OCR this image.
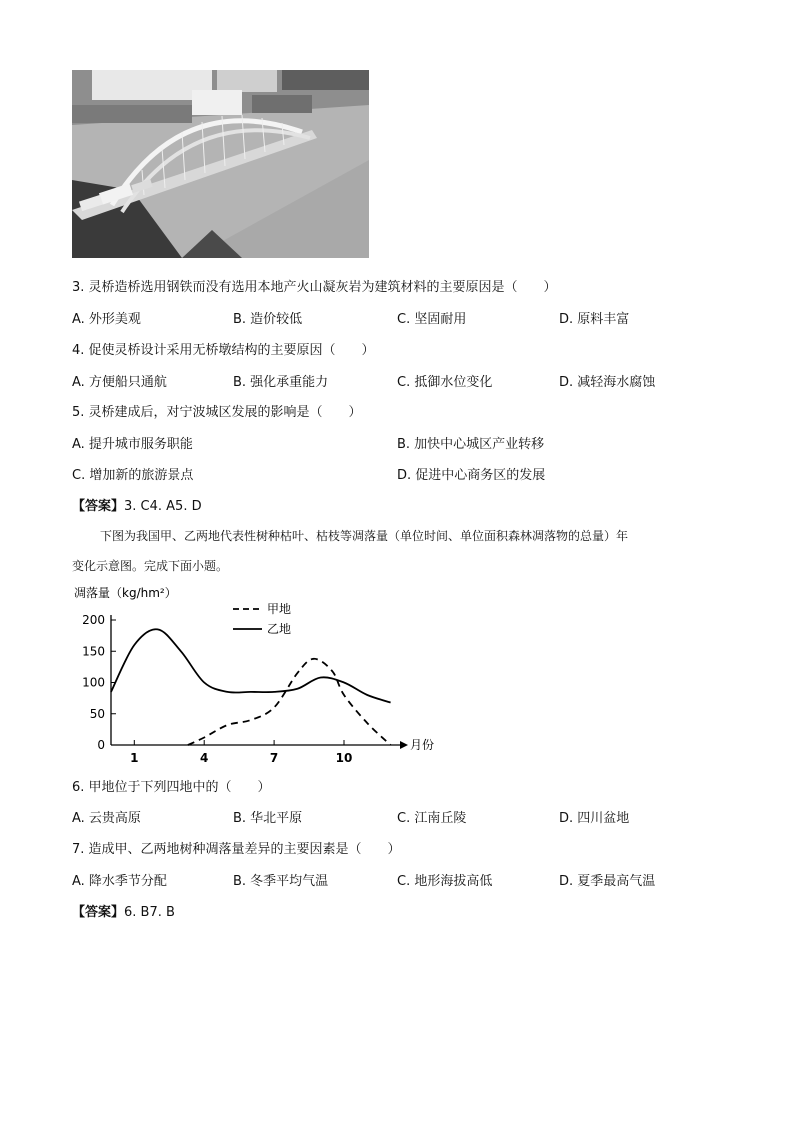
3. 灵桥造桥选用钢铁而没有选用本地产火山凝灰岩为建筑材料的主要原因是（　　）
A. 外形美观	B. 造价较低	C. 坚固耐用	D. 原料丰富
4. 促使灵桥设计采用无桥墩结构的主要原因（　　）
A. 方便船只通航	B. 强化承重能力	C. 抵御水位变化	D. 减轻海水腐蚀
5. 灵桥建成后，对宁波城区发展的影响是（　　）
A. 提升城市服务职能	B. 加快中心城区产业转移
C. 增加新的旅游景点	D. 促进中心商务区的发展
【答案】3. C4. A5. D
下图为我国甲、乙两地代表性树种枯叶、枯枝等凋落量（单位时间、单位面积森林凋落物的总量）年
变化示意图。完成下面小题。
凋落量（kg/hm²）
月份
甲地
乙地
0
50
100
150
200
1	4	7	10
6. 甲地位于下列四地中的（　　）
A. 云贵高原	B. 华北平原	C. 江南丘陵	D. 四川盆地
7. 造成甲、乙两地树种凋落量差异的主要因素是（　　）
A. 降水季节分配	B. 冬季平均气温	C. 地形海拔高低	D. 夏季最高气温
【答案】6. B7. B
